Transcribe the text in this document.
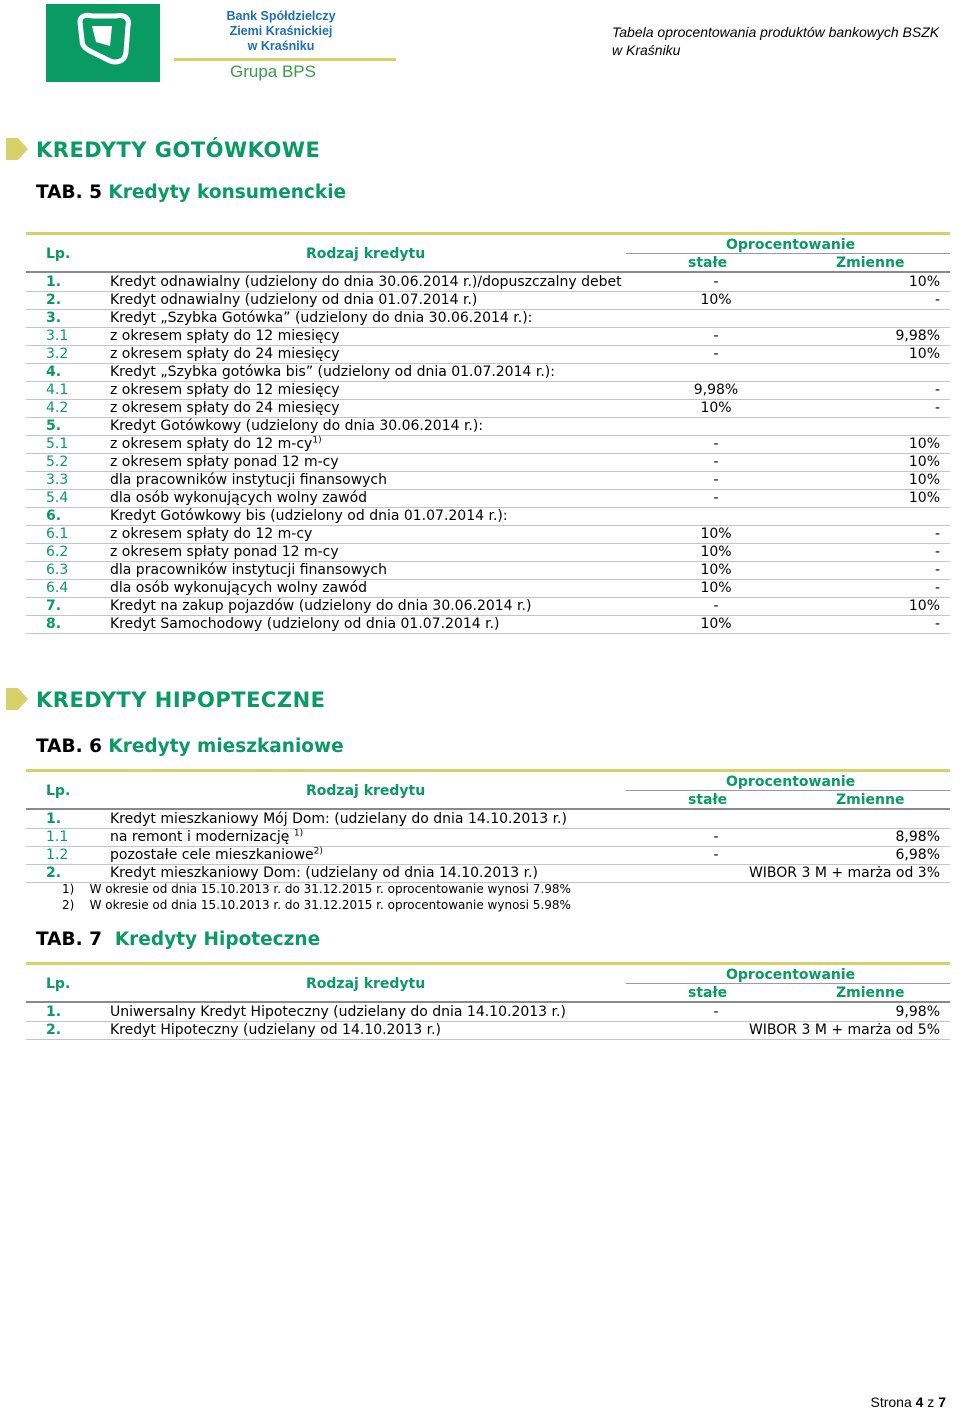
Bank Spółdzielczy
Ziemi Kraśnickiej
w Kraśniku
Grupa BPS
Tabela oprocentowania produktów bankowych BSZK
w Kraśniku
KREDYTY GOTÓWKOWE
TAB. 5 Kredyty konsumenckie
Lp.	Rodzaj kredytu
Oprocentowanie
stałe	Zmienne
1.	Kredyt odnawialny (udzielony do dnia 30.06.2014 r.)/dopuszczalny debet	-	10%
2.	Kredyt odnawialny (udzielony od dnia 01.07.2014 r.)	10%	-
3.	Kredyt „Szybka Gotówka” (udzielony do dnia 30.06.2014 r.):
3.1	z okresem spłaty do 12 miesięcy	-	9,98%
3.2	z okresem spłaty do 24 miesięcy	-	10%
4.	Kredyt „Szybka gotówka bis” (udzielony od dnia 01.07.2014 r.):
4.1	z okresem spłaty do 12 miesięcy	9,98%	-
4.2	z okresem spłaty do 24 miesięcy	10%	-
5.	Kredyt Gotówkowy (udzielony do dnia 30.06.2014 r.):
5.1	z okresem spłaty do 12 $m-cy^{1)}$	-	10%
5.2	z okresem spłaty ponad 12 m-cy	-	10%
3.3	dla pracowników instytucji finansowych	-	10%
5.4	dla osób wykonujących wolny zawód	-	10%
6.	Kredyt Gotówkowy bis (udzielony od dnia 01.07.2014 r.):
6.1	z okresem spłaty do 12 m-cy	10%	-
6.2	z okresem spłaty ponad 12 m-cy	10%	-
6.3	dla pracowników instytucji finansowych	10%	-
6.4	dla osób wykonujących wolny zawód	10%	-
7.	Kredyt na zakup pojazdów (udzielony do dnia 30.06.2014 r.)	-	10%
8.	Kredyt Samochodowy (udzielony od dnia 01.07.2014 r.)	10%	-
KREDYTY HIPOPTECZNE
TAB. 6 Kredyty mieszkaniowe
Lp.	Rodzaj kredytu
Oprocentowanie
stałe	Zmienne
1.	Kredyt mieszkaniowy Mój Dom: (udzielany do dnia 14.10.2013 r.)
1.1	na remont i modernizację $^{1)}$	-	8,98%
1.2	pozostałe cele mieszkaniowe$^{2)}$	-	6,98%
2.	Kredyt mieszkaniowy Dom: (udzielany od dnia 14.10.2013 r.)	WIBOR 3 M + marża od 3%
1) W okresie od dnia 15.10.2013 r. do 31.12.2015 r. oprocentowanie wynosi 7.98%
2) W okresie od dnia 15.10.2013 r. do 31.12.2015 r. oprocentowanie wynosi 5.98%
TAB. 7 Kredyty Hipoteczne
Lp.	Rodzaj kredytu
Oprocentowanie
stałe	Zmienne
1.	Uniwersalny Kredyt Hipoteczny (udzielany do dnia 14.10.2013 r.)	-	9,98%
2.	Kredyt Hipoteczny (udzielany od 14.10.2013 r.)	WIBOR 3 M + marża od 5%
Strona 4 z 7
